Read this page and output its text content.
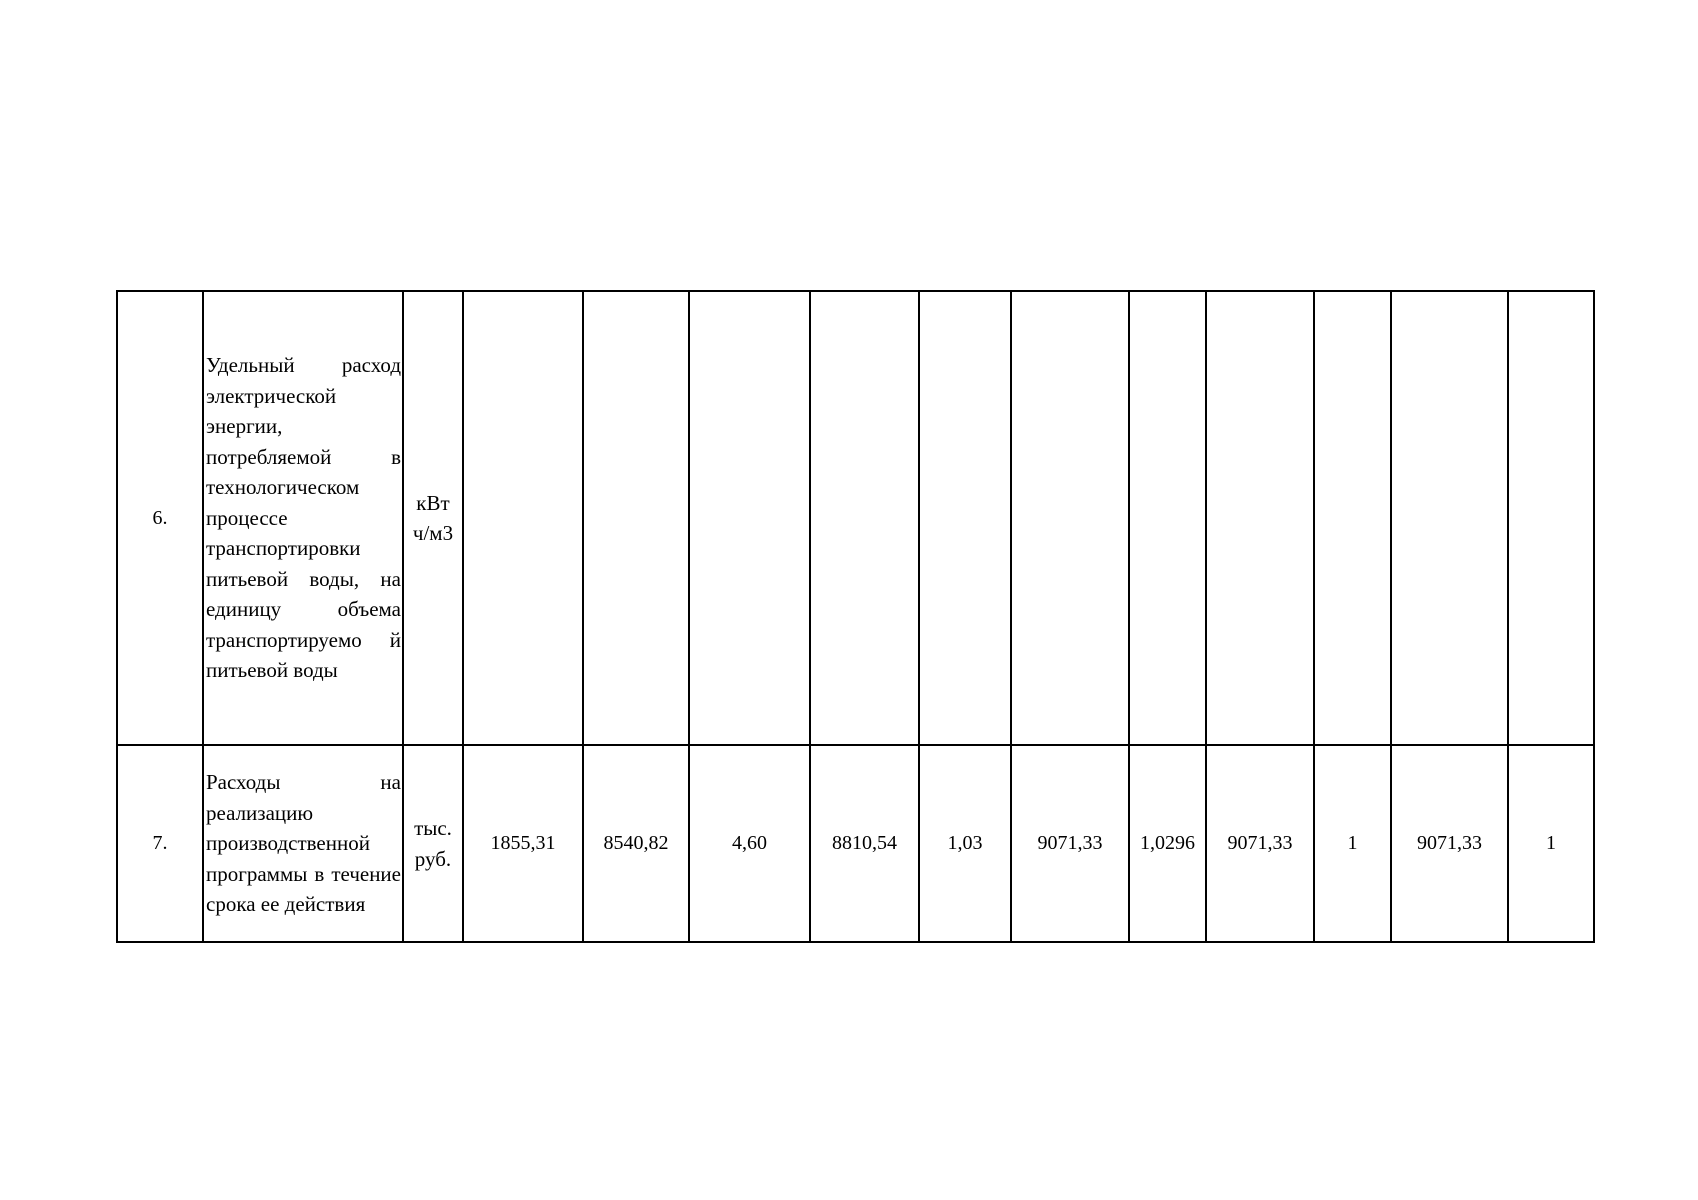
6.	Удельный расход электрической энергии, потребляемой в технологическом процессе транспортировки питьевой воды, на единицу объема транспортируемо й питьевой воды	кВт ч/м3											

7.	Расходы на реализацию производственной программы в течение срока ее действия	тыс. руб.	1855,31	8540,82	4,60	8810,54	1,03	9071,33	1,0296	9071,33	1	9071,33	1
